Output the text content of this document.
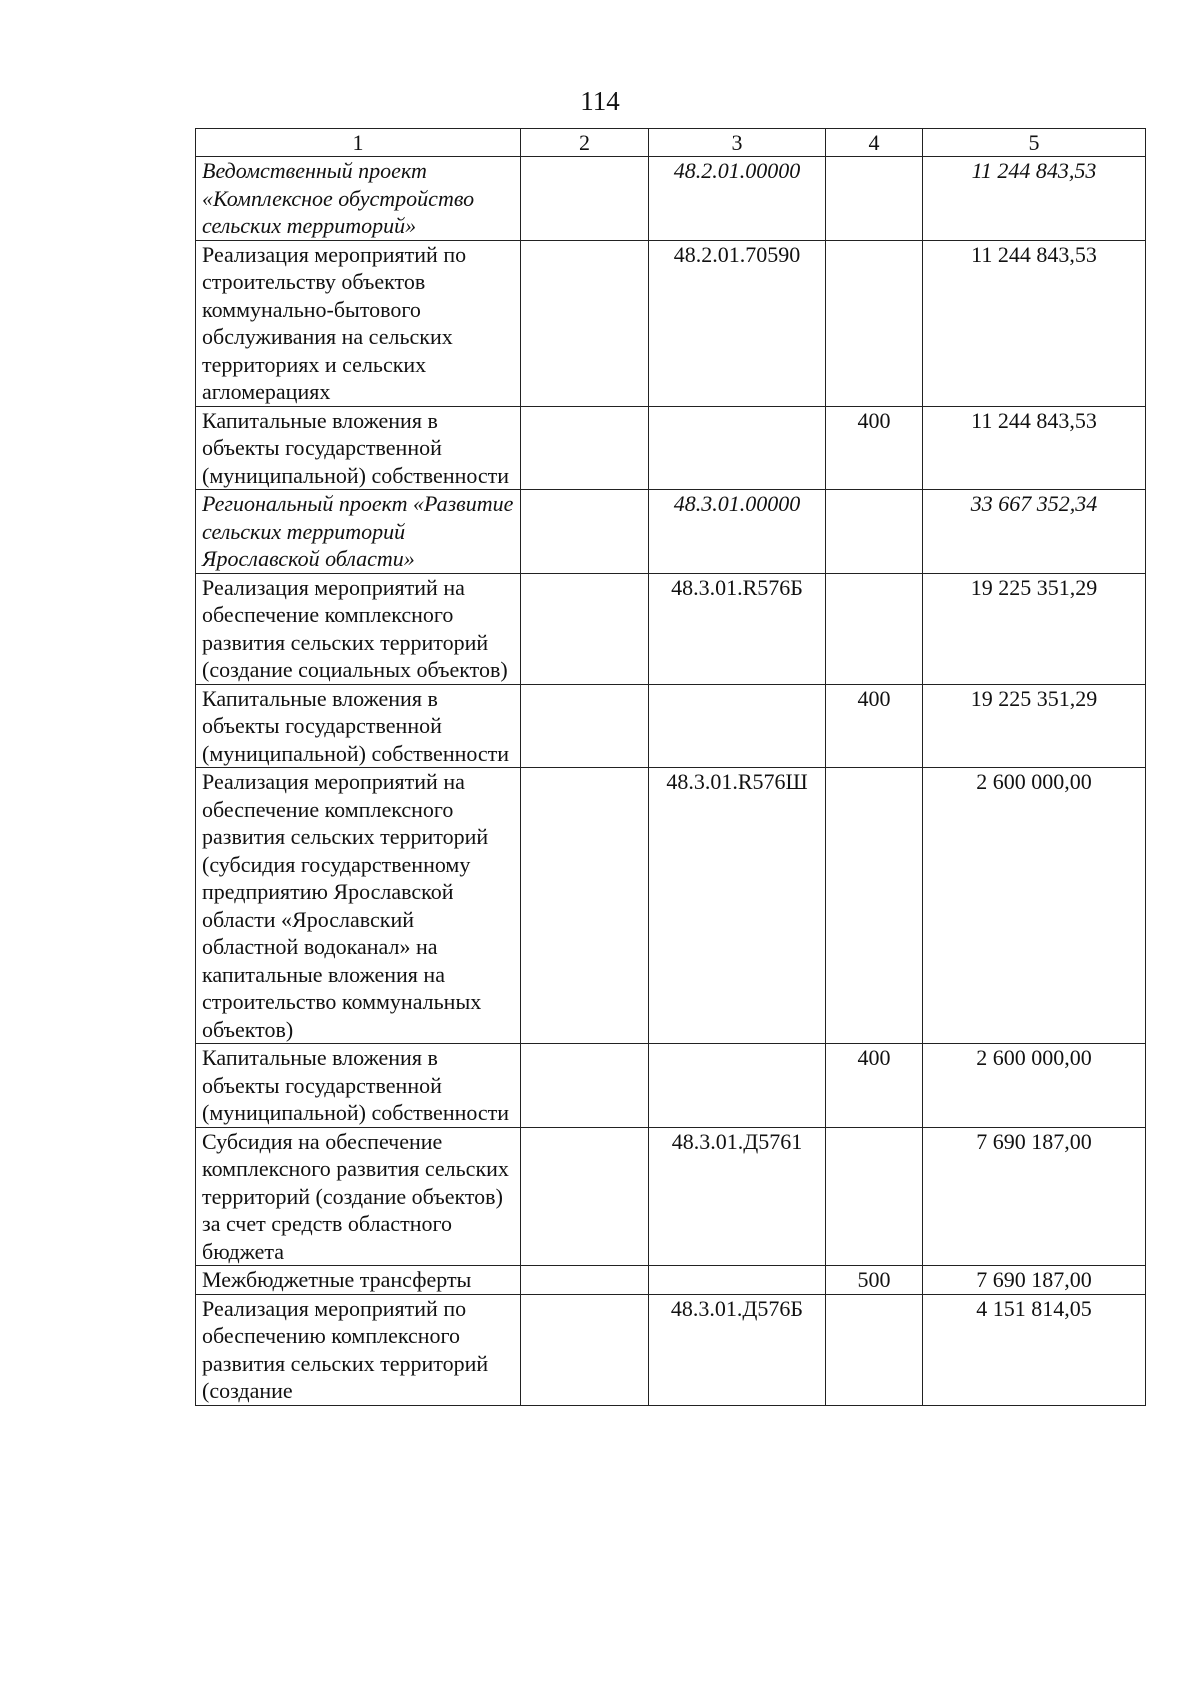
114
1	2	3	4	5
Ведомственный проект «Комплексное обустройство сельских территорий»		48.2.01.00000		11 244 843,53
Реализация мероприятий по строительству объектов коммунально-бытового обслуживания на сельских территориях и сельских агломерациях		48.2.01.70590		11 244 843,53
Капитальные вложения в объекты государственной (муниципальной) собственности			400	11 244 843,53
Региональный проект «Развитие сельских территорий Ярославской области»		48.3.01.00000		33 667 352,34
Реализация мероприятий на обеспечение комплексного развития сельских территорий (создание социальных объектов)		48.3.01.R576Б		19 225 351,29
Капитальные вложения в объекты государственной (муниципальной) собственности			400	19 225 351,29
Реализация мероприятий на обеспечение комплексного развития сельских территорий (субсидия государственному предприятию Ярославской области «Ярославский областной водоканал» на капитальные вложения на строительство коммунальных объектов)		48.3.01.R576Ш		2 600 000,00
Капитальные вложения в объекты государственной (муниципальной) собственности			400	2 600 000,00
Субсидия на обеспечение комплексного развития сельских территорий (создание объектов) за счет средств областного бюджета		48.3.01.Д5761		7 690 187,00
Межбюджетные трансферты			500	7 690 187,00
Реализация мероприятий по обеспечению комплексного развития сельских территорий (создание		48.3.01.Д576Б		4 151 814,05
